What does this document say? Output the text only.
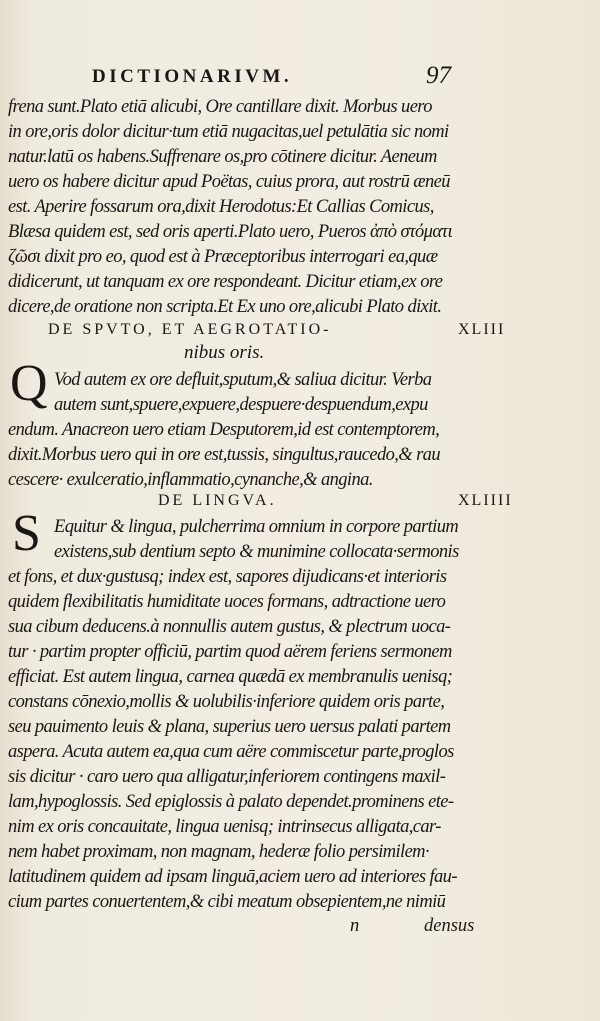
DICTIONARIVM.	97
frena sunt.Plato etiā alicubi, Ore cantillare dixit. Morbus uero
in ore,oris dolor dicitur·tum etiā nugacitas,uel petulātia sic nomi
natur.latū os habens.Suffrenare os,pro cōtinere dicitur. Aeneum
uero os habere dicitur apud Poëtas, cuius prora, aut rostrū æneū
est. Aperire fossarum ora,dixit Herodotus:Et Callias Comicus,
Blæsa quidem est, sed oris aperti.Plato uero, Pueros ἀπὸ στόματι
ζῶσι dixit pro eo, quod est à Præceptoribus interrogari ea,quæ
didicerunt, ut tanquam ex ore respondeant. Dicitur etiam,ex ore
dicere,de oratione non scripta.Et Ex uno ore,alicubi Plato dixit.
DE SPVTO, ET AEGROTATIO-	XLIII
nibus oris.
Q Vod autem ex ore defluit,sputum,& saliua dicitur. Verba
autem sunt,spuere,expuere,despuere·despuendum,expu
endum. Anacreon uero etiam Desputorem,id est contemptorem,
dixit.Morbus uero qui in ore est,tussis, singultus,raucedo,& rau
cescere· exulceratio,inflammatio,cynanche,& angina.
DE LINGVA.	XLIIII
S Equitur & lingua, pulcherrima omnium in corpore partium
existens,sub dentium septo & munimine collocata·sermonis
et fons, et dux·gustusq; index est, sapores dijudicans·et interioris
quidem flexibilitatis humiditate uoces formans, adtractione uero
sua cibum deducens.à nonnullis autem gustus, & plectrum uoca-
tur · partim propter officiū, partim quod aërem feriens sermonem
efficiat. Est autem lingua, carnea quædā ex membranulis uenisq;
constans cōnexio,mollis & uolubilis·inferiore quidem oris parte,
seu pauimento leuis & plana, superius uero uersus palati partem
aspera. Acuta autem ea,qua cum aëre commiscetur parte,proglos
sis dicitur · caro uero qua alligatur,inferiorem contingens maxil-
lam,hypoglossis. Sed epiglossis à palato dependet.prominens ete-
nim ex oris concauitate, lingua uenisq; intrinsecus alligata,car-
nem habet proximam, non magnam, hederæ folio persimilem·
latitudinem quidem ad ipsam linguā,aciem uero ad interiores fau-
cium partes conuertentem,& cibi meatum obsepientem,ne nimiū
n	densus
